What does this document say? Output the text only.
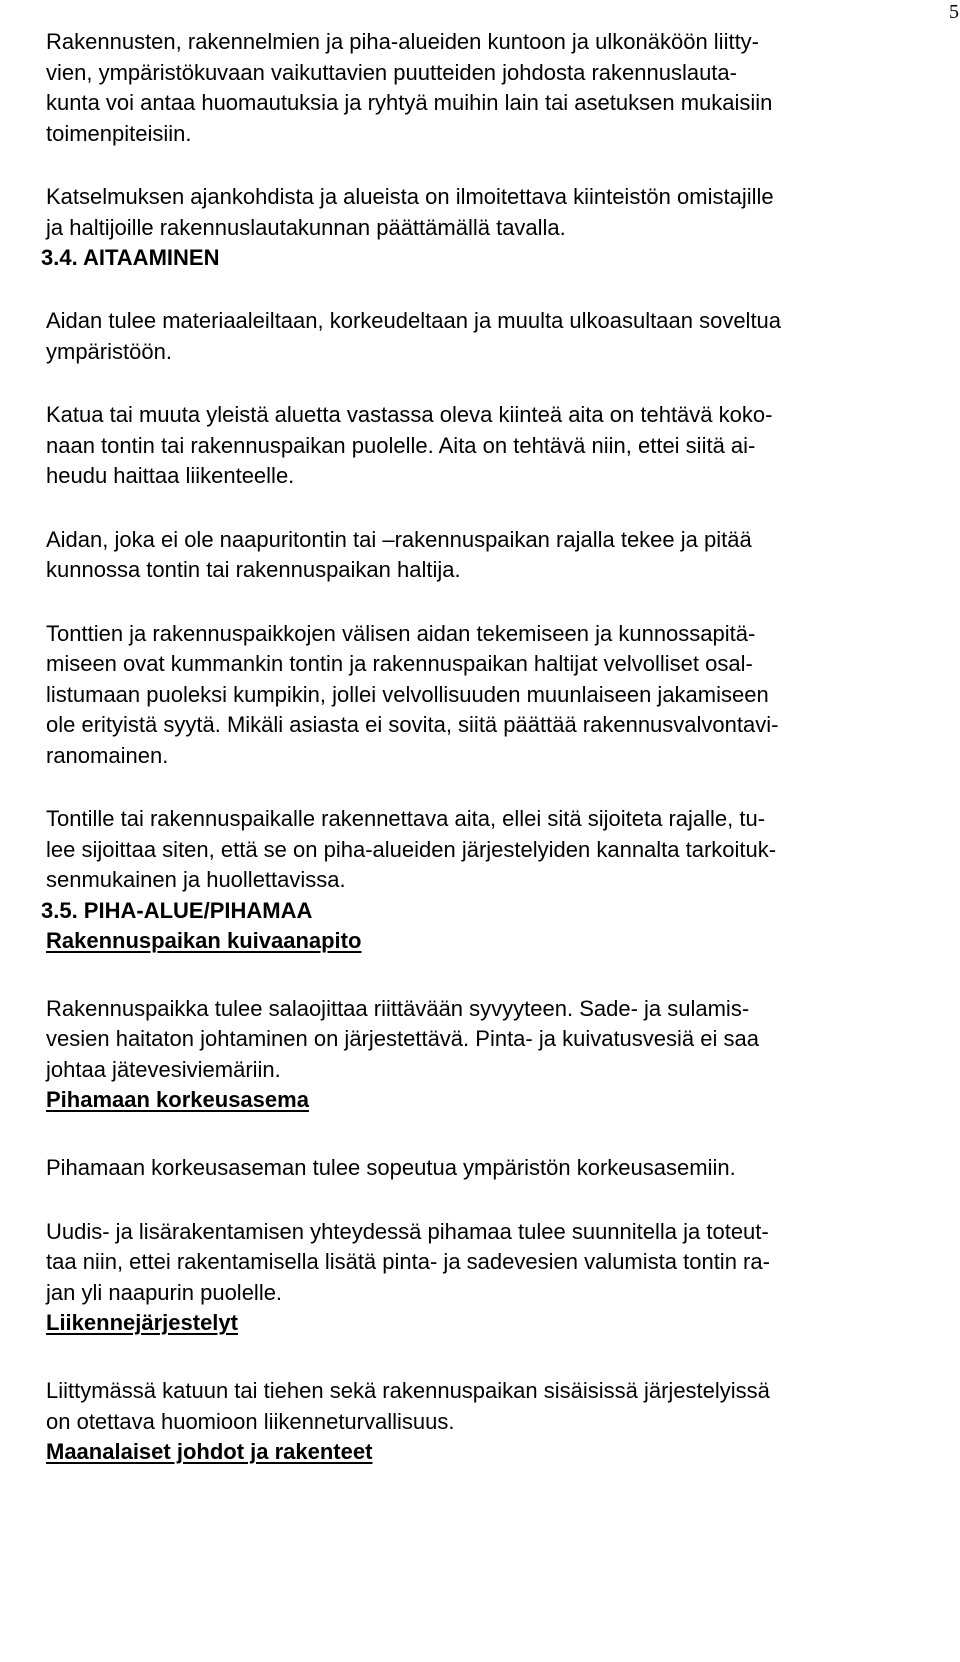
5

Rakennusten, rakennelmien ja piha-alueiden kuntoon ja ulkonäköön liitty-
vien, ympäristökuvaan vaikuttavien puutteiden johdosta rakennuslauta-
kunta voi antaa huomautuksia ja ryhtyä muihin lain tai asetuksen mukaisiin
toimenpiteisiin.

Katselmuksen ajankohdista ja alueista on ilmoitettava kiinteistön omistajille
ja haltijoille rakennuslautakunnan päättämällä tavalla.

3.4. AITAAMINEN

Aidan tulee materiaaleiltaan, korkeudeltaan ja muulta ulkoasultaan soveltua
ympäristöön.

Katua tai muuta yleistä aluetta vastassa oleva kiinteä aita on tehtävä koko-
naan tontin tai rakennuspaikan puolelle. Aita on tehtävä niin, ettei siitä ai-
heudu haittaa liikenteelle.

Aidan, joka ei ole naapuritontin tai –rakennuspaikan rajalla tekee ja pitää
kunnossa tontin tai rakennuspaikan haltija.

Tonttien ja rakennuspaikkojen välisen aidan tekemiseen ja kunnossapitä-
miseen ovat kummankin tontin ja rakennuspaikan haltijat velvolliset osal-
listumaan puoleksi kumpikin, jollei velvollisuuden muunlaiseen jakamiseen
ole erityistä syytä. Mikäli asiasta ei sovita, siitä päättää rakennusvalvontavi-
ranomainen.

Tontille tai rakennuspaikalle rakennettava aita, ellei sitä sijoiteta rajalle, tu-
lee sijoittaa siten, että se on piha-alueiden järjestelyiden kannalta tarkoituk-
senmukainen ja huollettavissa.

3.5. PIHA-ALUE/PIHAMAA
Rakennuspaikan kuivaanapito

Rakennuspaikka tulee salaojittaa riittävään syvyyteen. Sade- ja sulamis-
vesien haitaton johtaminen on järjestettävä. Pinta- ja kuivatusvesiä ei saa
johtaa jätevesiviemäriin.

Pihamaan korkeusasema

Pihamaan korkeusaseman tulee sopeutua ympäristön korkeusasemiin.

Uudis- ja lisärakentamisen yhteydessä pihamaa tulee suunnitella ja toteut-
taa niin, ettei rakentamisella lisätä pinta- ja sadevesien valumista tontin ra-
jan yli naapurin puolelle.

Liikennejärjestelyt

Liittymässä katuun tai tiehen sekä rakennuspaikan sisäisissä järjestelyissä
on otettava huomioon liikenneturvallisuus.

Maanalaiset johdot ja rakenteet
